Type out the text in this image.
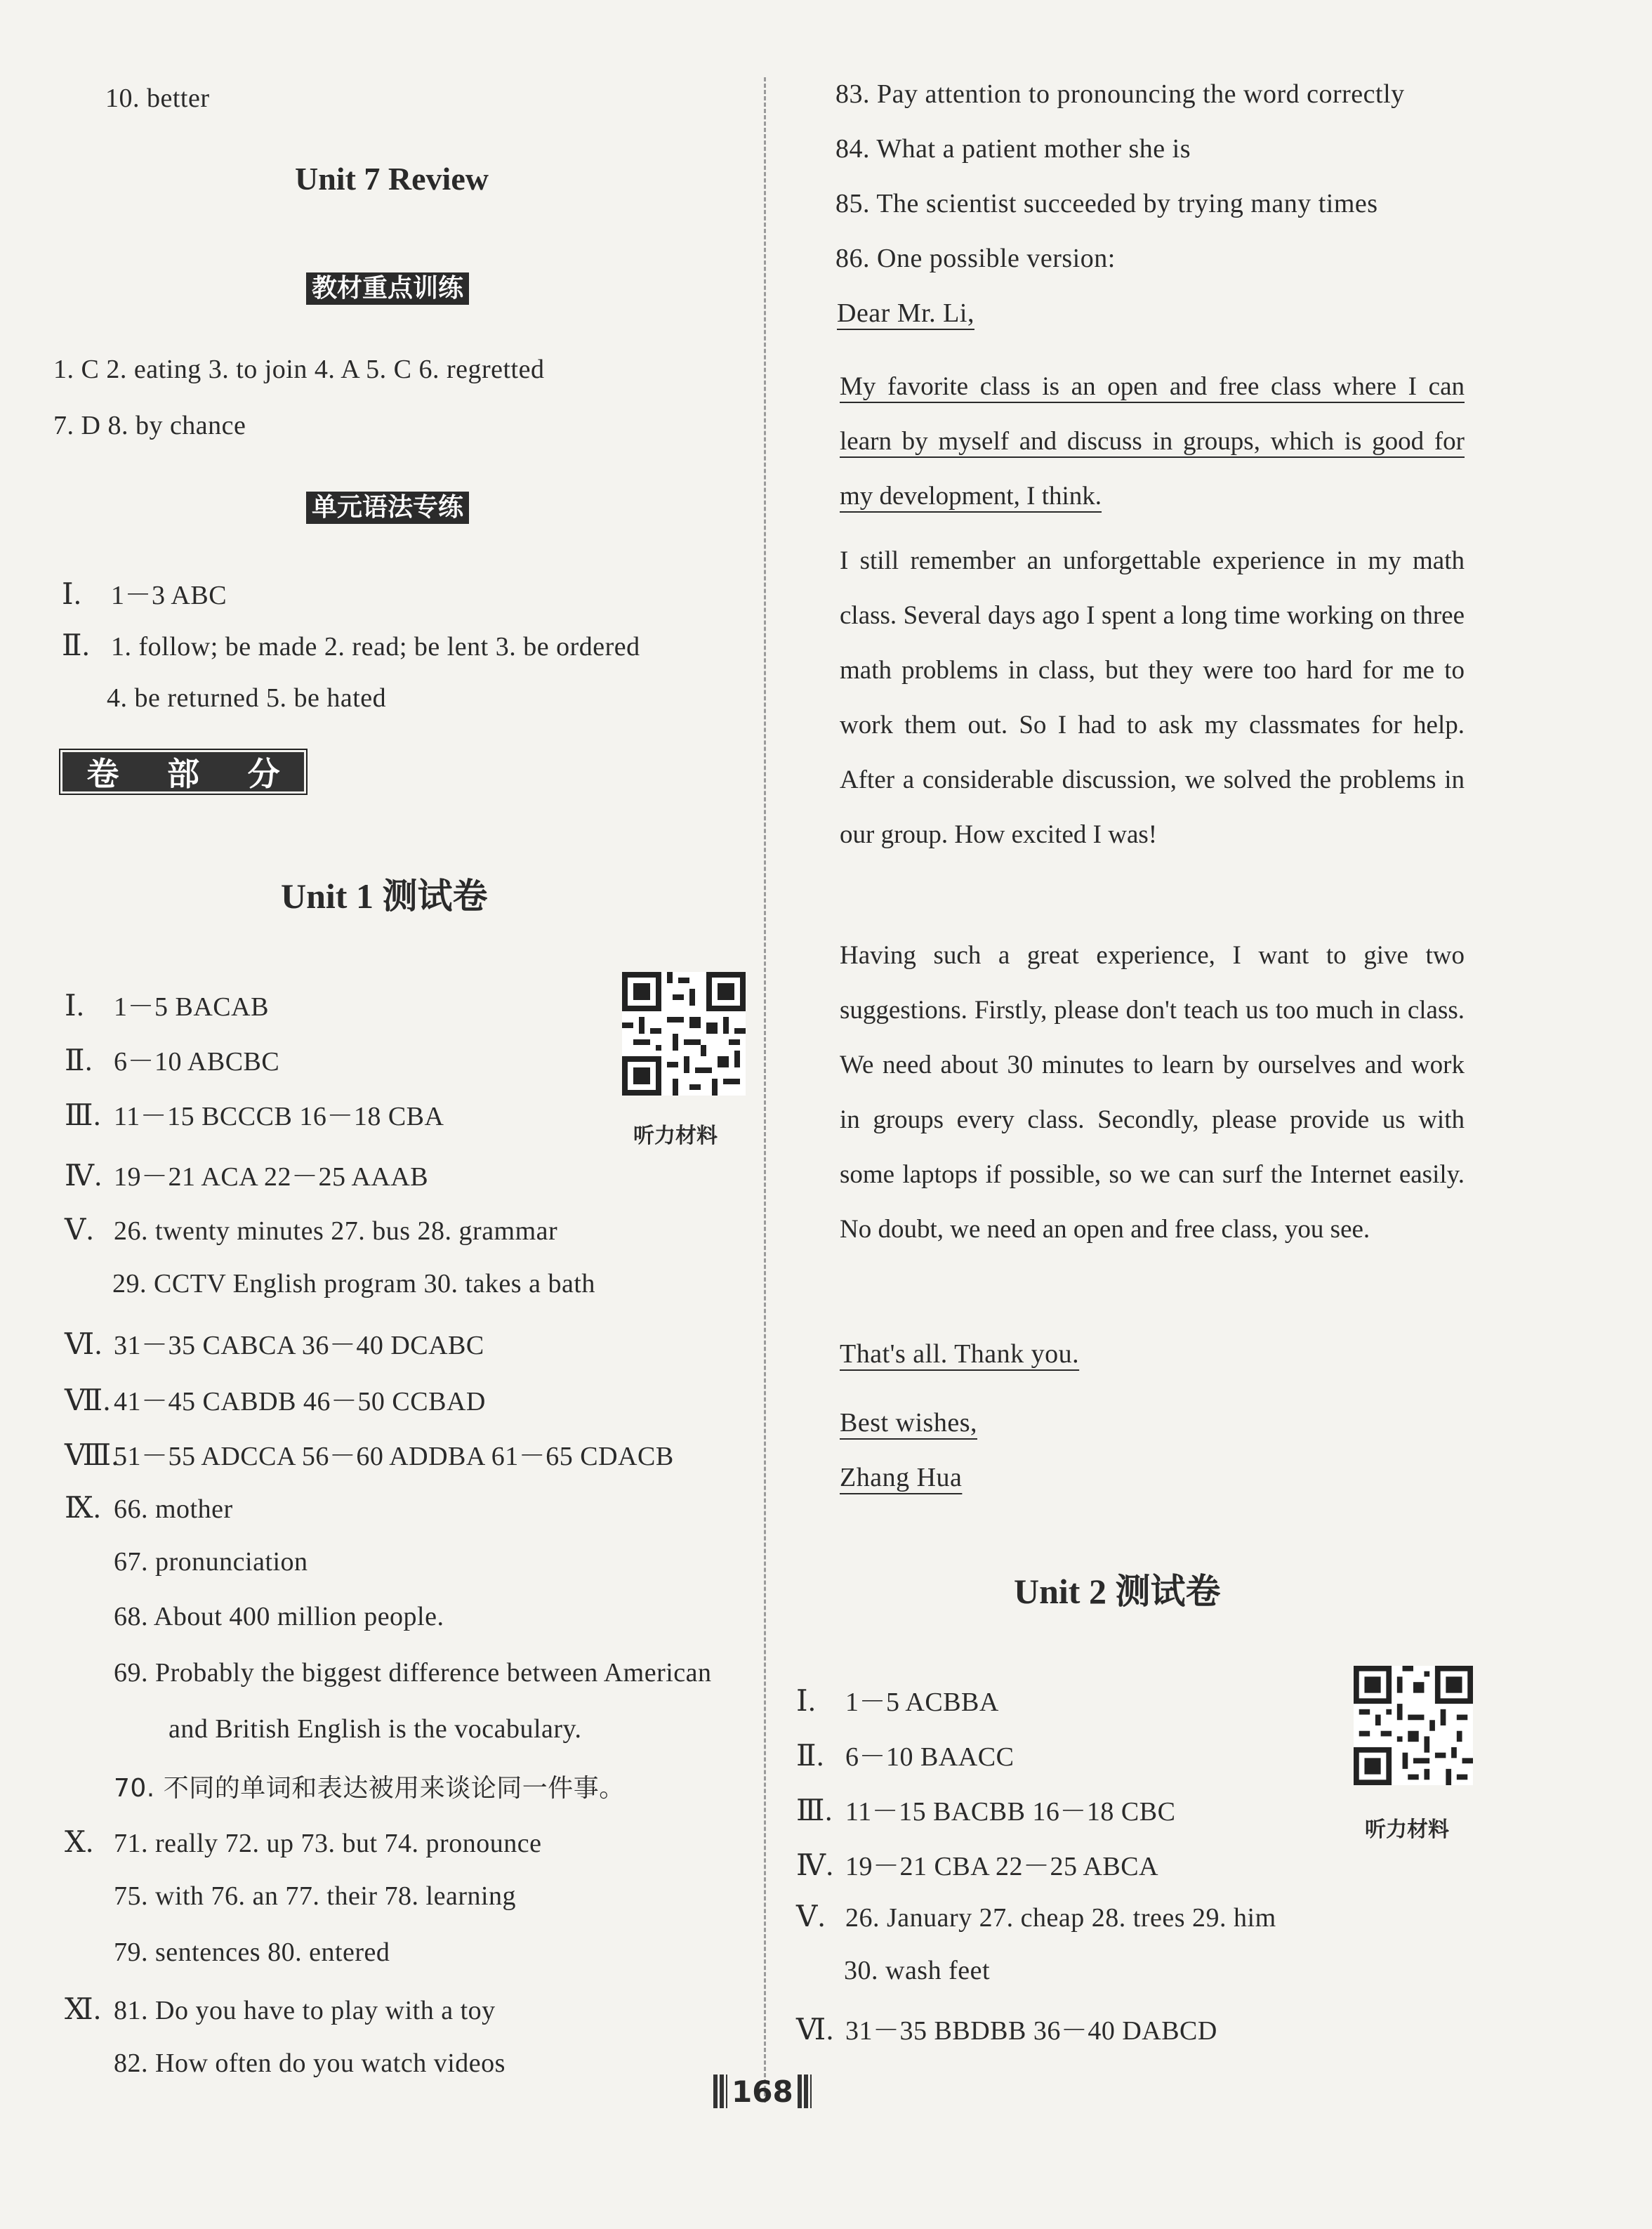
10. better
Unit 7 Review
教材重点训练
1. C 2. eating 3. to join 4. A 5. C 6. regretted
7. D 8. by chance
单元语法专练
Ⅰ. 1－3 ABC
Ⅱ. 1. follow; be made 2. read; be lent 3. be ordered
4. be returned 5. be hated
卷 部 分
Unit 1 测试卷
听力材料
Ⅰ. 1－5 BACAB
Ⅱ. 6－10 ABCBC
Ⅲ. 11－15 BCCCB 16－18 CBA
Ⅳ. 19－21 ACA 22－25 AAAB
Ⅴ. 26. twenty minutes 27. bus 28. grammar
29. CCTV English program 30. takes a bath
Ⅵ. 31－35 CABCA 36－40 DCABC
Ⅶ. 41－45 CABDB 46－50 CCBAD
Ⅷ.51－55 ADCCA 56－60 ADDBA 61－65 CDACB
Ⅸ. 66. mother
67. pronunciation
68. About 400 million people.
69. Probably the biggest difference between American
and British English is the vocabulary.
70. 不同的单词和表达被用来谈论同一件事。
Ⅹ. 71. really 72. up 73. but 74. pronounce
75. with 76. an 77. their 78. learning
79. sentences 80. entered
Ⅺ. 81. Do you have to play with a toy
82. How often do you watch videos
83. Pay attention to pronouncing the word correctly
84. What a patient mother she is
85. The scientist succeeded by trying many times
86. One possible version:
Dear Mr. Li,
My favorite class is an open and free class where I can learn by myself and discuss in groups, which is good for my development, I think.
I still remember an unforgettable experience in my math class. Several days ago I spent a long time working on three math problems in class, but they were too hard for me to work them out. So I had to ask my classmates for help. After a considerable discussion, we solved the problems in our group. How excited I was!
Having such a great experience, I want to give two suggestions. Firstly, please don't teach us too much in class. We need about 30 minutes to learn by ourselves and work in groups every class. Secondly, please provide us with some laptops if possible, so we can surf the Internet easily. No doubt, we need an open and free class, you see.
That's all. Thank you.
Best wishes,
Zhang Hua
Unit 2 测试卷
听力材料
Ⅰ. 1－5 ACBBA
Ⅱ. 6－10 BAACC
Ⅲ. 11－15 BACBB 16－18 CBC
Ⅳ. 19－21 CBA 22－25 ABCA
Ⅴ. 26. January 27. cheap 28. trees 29. him
30. wash feet
Ⅵ. 31－35 BBDBB 36－40 DABCD
168
